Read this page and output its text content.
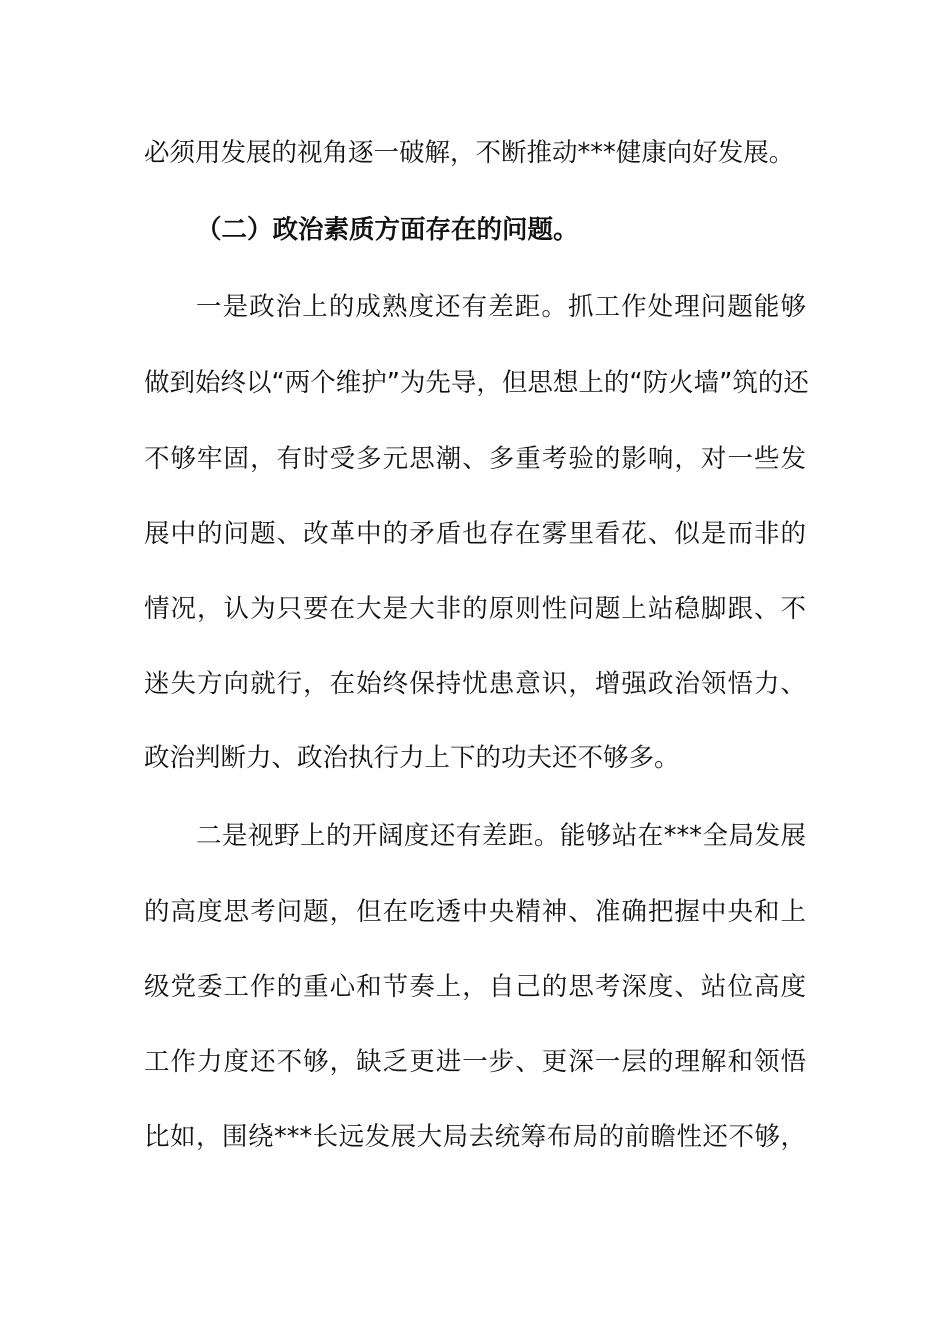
必须用发展的视角逐一破解，不断推动***健康向好发展。
（二）政治素质方面存在的问题。
一是政治上的成熟度还有差距。抓工作处理问题能够
做到始终以“两个维护”为先导，但思想上的“防火墙”筑的还
不够牢固，有时受多元思潮、多重考验的影响，对一些发
展中的问题、改革中的矛盾也存在雾里看花、似是而非的
情况，认为只要在大是大非的原则性问题上站稳脚跟、不
迷失方向就行，在始终保持忧患意识，增强政治领悟力、
政治判断力、政治执行力上下的功夫还不够多。
二是视野上的开阔度还有差距。能够站在***全局发展
的高度思考问题，但在吃透中央精神、准确把握中央和上
级党委工作的重心和节奏上，自己的思考深度、站位高度
工作力度还不够，缺乏更进一步、更深一层的理解和领悟
比如，围绕***长远发展大局去统筹布局的前瞻性还不够，
